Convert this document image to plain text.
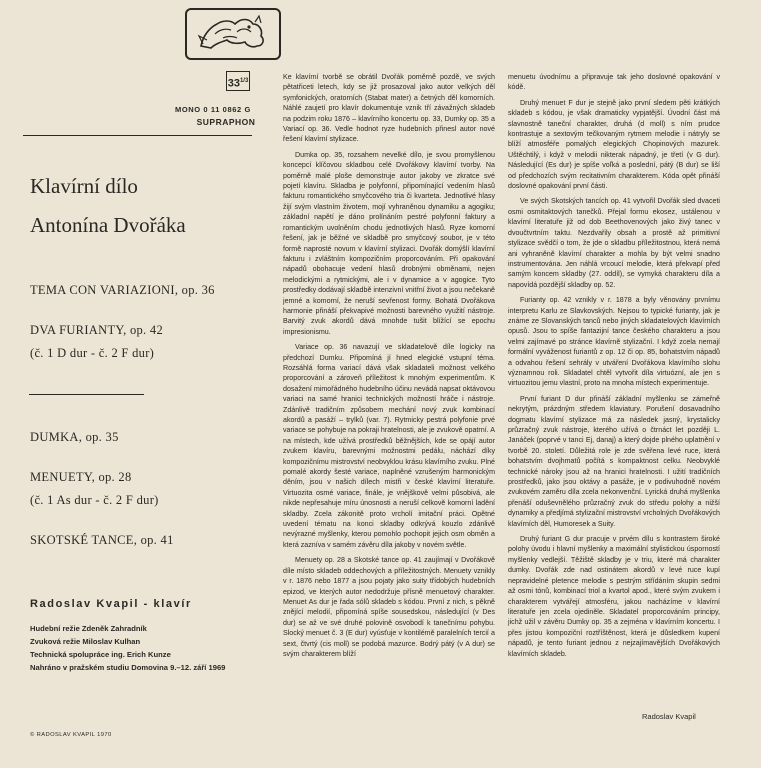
$33^{1/3}$
MONO 0 11 0862 G
SUPRAPHON
Klavírní dílo
Antonína Dvořáka
TEMA CON VARIAZIONI, op. 36
DVA FURIANTY, op. 42
(č. 1 D dur - č. 2 F dur)
DUMKA, op. 35
MENUETY, op. 28
(č. 1 As dur - č. 2 F dur)
SKOTSKÉ TANCE, op. 41
Radoslav Kvapil - klavír
Hudební režie Zdeněk Zahradník
Zvuková režie Miloslav Kulhan
Technická spolupráce ing. Erich Kunze
Nahráno v pražském studiu Domovina 9.–12. září 1969
© RADOSLAV KVAPIL 1970

Ke klavírní tvorbě se obrátil Dvořák poměrně pozdě, ve svých pětatřiceti letech, kdy se již prosazoval jako autor velkých děl symfonických, oratorních (Stabat mater) a četných děl komorních. Náhlé zaujetí pro klavír dokumentuje vznik tří závažných skladeb na podzim roku 1876 – klavírního koncertu op. 33, Dumky op. 35 a Variací op. 36. Vedle hodnot ryze hudebních přinesl autor nové řešení klavírní stylizace.

Dumka op. 35, rozsahem nevelké dílo, je svou promyšlenou koncepcí klíčovou skladbou celé Dvořákovy klavírní tvorby. Na poměrně malé ploše demonstruje autor jakoby ve zkratce své pojetí klavíru. Skladba je polyfonní, připomínající vedením hlasů fakturu romantického smyčcového tria či kvarteta. Jednotlivé hlasy žijí svým vlastním životem, mojí vyhraněnou dynamiku a agogiku; základní napětí je dáno prolínáním pestré polyfonní faktury a romantickým uvolněním chodu jednotlivých hlasů. Ryze komorní řešení, jak je běžné ve skladbě pro smyčcový soubor, je v této formě naprosté novum v klavírní stylizaci. Dvořák domýšlí klavírní fakturu i zvláštním kompozičním proporcováním. Při opakování nápadů obohacuje vedení hlasů drobnými obměnami, nejen melodickými a rytmickými, ale i v dynamice a v agogice. Tyto prostředky dodávají skladbě intenzivní vnitřní život a jsou nečekaně jemné a komorní, že neruší sevřenost formy. Bohatá Dvořákova harmonie přináší překvapivé možnosti barevného využití nástroje. Barvitý zvuk akordů dává mnohde tušit blížící se epochu impresionismu.

Variace op. 36 navazují ve skladatelově díle logicky na předchozí Dumku. Připomíná jí hned elegické vstupní téma. Rozsáhlá forma variací dává však skladateli možnost velkého proporcování a zároveň příležitost k mnohým experimentům. K dosažení mimořádného hudebního účinu nevádá napsat oktávovou variaci na samé hranici technických možností hráče i nástroje. Zdánlivě tradičním způsobem mechání nový zvuk kombinací akordů a pasáží – trylků (var. 7). Rytmicky pestrá polyfonie prvé variace se pohybuje na pokraji hratelnosti, ale je zvukově opatrní. A na místech, kde užívá prostředků běžnějších, kde se opájí autor zvukem klavíru, barevnými možnostmi pedálu, náchází díky kompozičnímu mistrovství neobvyklou krásu klavírního zvuku. Plné pomalé akordy šesté variace, naplněné vzrušeným harmonickým děním, jsou v našich dílech mistři v české klavírní literatuře. Virtuozita osmé variace, finále, je vnějškově velmi působivá, ale nikde nepřesahuje míru únosnosti a neruší celkově komorní ladění skladby. Zcela zákonitě proto vrcholí imitační práci. Opětné uvedení tématu na konci skladby odkrývá kouzlo zdánlivě nevýrazné myšlenky, kterou pomohlo pochopit jejich osm obměn a která zazníva v samém závěru díla jakoby v novém světle.

Menuety op. 28 a Skotské tance op. 41 zaujímají v Dvořákově díle místo skladeb oddechových a příležitostných. Menuety vznikly v r. 1876 nebo 1877 a jsou pojaty jako suity třídobých hudebních epizod, ve kterých autor nedodržuje přísně menuetový charakter. Menuet As dur je řada sólů skladeb s kódou. První z nich, s pěkně znějící melodií, připomíná spíše sousedskou, následující (v Des dur) se až ve své druhé polovině osvobodí k tanečnímu pohybu. Slocký menuet č. 3 (E dur) vyúsťuje v kontilémě paralelních tercií a sext, čtvrtý (cis moll) se podobá mazurce. Bodrý pátý (v A dur) se svým charakterem blíží

menuetu úvodnímu a připravuje tak jeho doslovné opakování v kódě.

Druhý menuet F dur je stejně jako první sledem pěti krátkých skladeb s kódou, je však dramaticky vypjatější. Úvodní část má slavnostně taneční charakter, druhá (d moll) s ním prudce kontrastuje a sextovým tečkovaným rytmem melodie i nátryly se blíží atmosféře pomalých elegických Chopinových mazurek. Uštěchtilý, i když v melodii nikterak nápadný, je třetí (v G dur). Následující (Es dur) je spíše voľká a poslední, pátý (B dur) se liší od předchozích svým recitativním charakterem. Kóda opět přináší doslovné opakování první části.

Ve svých Skotských tancích op. 41 vytvořil Dvořák sled dvaceti osmi osmitaktových tanečků. Přejal formu ekosez, ustálenou v klavírní literatuře již od dob Beethovenových jako živý tanec v dvoučtvrtním taktu. Nezdvařily obsah a prostě až primitivní stylizace svědčí o tom, že jde o skladbu příležitostnou, která nemá ani vyhraněně klavírní charakter a mohla by být velmi snadno instrumentována. Jen náhlá vrcoucí melodie, která překvapí před samým koncem skladby (27. oddíl), se vymyká charakteru díla a napovídá pozdější skladby op. 52.

Furianty op. 42 vznikly v r. 1878 a byly věnovány prvnímu interpretu Karlu ze Slavkovských. Nejsou to typické furianty, jak je známe ze Slovanských tanců nebo jiných skladatelových klavírních opusů. Jsou to spíše fantazijní tance českého charakteru a jsou velmi zajímavé po stránce klavírně stylizační. I když zcela nemají formální vyváženost furiantů z op. 12 či op. 85, bohatstvím nápadů a odvahou řešení sehrály v utváření Dvořákova klavírního slohu významnou roli. Skladatel chtěl vytvořit díla virtuózní, ale jen s virtuozitou jemu vlastní, proto na mnoha místech experimentuje.

První furiant D dur přináší základní myšlenku se zámeřně nekrytým, prázdným středem klaviatury. Porušení dosavadního dogmatu klavírní stylizace má za následek jasný, krystalicky průzračný zvuk nástroje, kterého užívá o čtrnáct let později L. Janáček (poprvé v tanci Ej, danaj) a který dojde plného uplatnění v tvorbě 20. století. Důležitá role je zde svěřena levé ruce, která bohatstvím dvojhmatů počítá s kompaktnost celku. Neobvyklé technické nároky jsou až na hranici hratelnosti. I užití tradičních prostředků, jako jsou oktávy a pasáže, je v podivuhodně novém zvukovém zaměru díla zcela nekonvenční. Lyrická druhá myšlenka přenáší oduševnělého průzračný zvuk do středu polohy a nižší dynamiky a předjímá stylizační mistrovství vrcholných Dvořákových klavírních děl, Humoresek a Suity.

Druhý furiant G dur pracuje v prvém dílu s kontrastem široké polohy úvodu i hlavní myšlenky a maximální stylistickou úsporností myšlenky vedlejší. Těžiště skladby je v triu, které má charakter dumky. Dvořák zde nad ostinátem akordů v levé ruce kupí nepravidelné pletence melodie s pestrým střídáním skupin sedmi až osmi tónů, kombinací triol a kvartol apod., které svým zvukem i charakterem vytvářejí atmosféru, jakou nacházíme v klavírní literatuře jen zcela ojediněle. Skladatel proporcováním principy, jichž užil v závěru Dumky op. 35 a zejména v klavírním koncertu. I přes jistou kompoziční roztříštěnost, která je důsledkem kupení nápadů, je tento furiant jednou z nejzajímavějších Dvořákových klavírních skladeb.

Radoslav Kvapil
